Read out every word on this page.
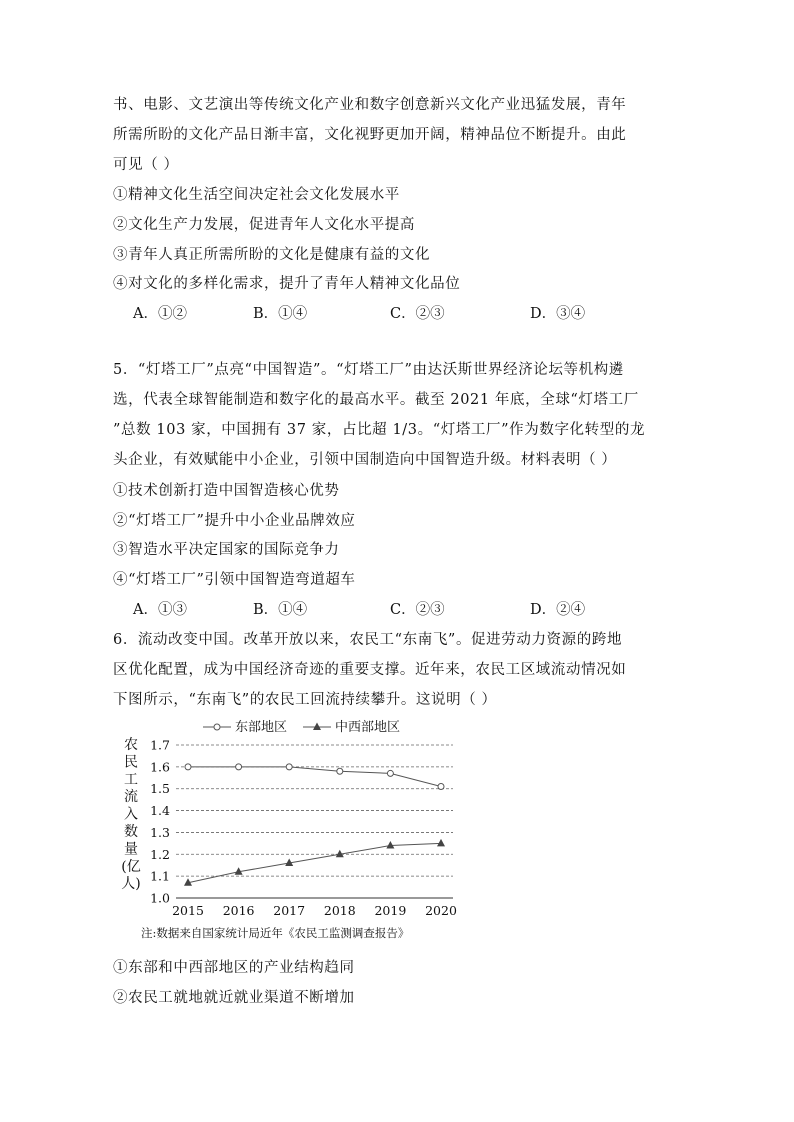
书、电影、文艺演出等传统文化产业和数字创意新兴文化产业迅猛发展，青年
所需所盼的文化产品日渐丰富，文化视野更加开阔，精神品位不断提升。由此
可见（ ）
①精神文化生活空间决定社会文化发展水平
②文化生产力发展，促进青年人文化水平提高
③青年人真正所需所盼的文化是健康有益的文化
④对文化的多样化需求，提升了青年人精神文化品位
A．①②	B．①④	C．②③	D．③④
5．“灯塔工厂”点亮“中国智造”。“灯塔工厂”由达沃斯世界经济论坛等机构遴
选，代表全球智能制造和数字化的最高水平。截至 2021 年底，全球“灯塔工厂
”总数 103 家，中国拥有 37 家，占比超 1/3。“灯塔工厂”作为数字化转型的龙
头企业，有效赋能中小企业，引领中国制造向中国智造升级。材料表明（ ）
①技术创新打造中国智造核心优势
②“灯塔工厂”提升中小企业品牌效应
③智造水平决定国家的国际竞争力
④“灯塔工厂”引领中国智造弯道超车
A．①③	B．①④	C．②③	D．②④
6．流动改变中国。改革开放以来，农民工“东南飞”。促进劳动力资源的跨地
区优化配置，成为中国经济奇迹的重要支撑。近年来，农民工区域流动情况如
下图所示，“东南飞”的农民工回流持续攀升。这说明（ ）
1.0
1.1
1.2
1.3
1.4
1.5
1.6
1.7
2015 2016 2017 2018 2019 2020
农
民
工
流
入
数
量
(亿
人)
东部地区	中西部地区
注:数据来自国家统计局近年《农民工监测调查报告》
①东部和中西部地区的产业结构趋同
②农民工就地就近就业渠道不断增加
